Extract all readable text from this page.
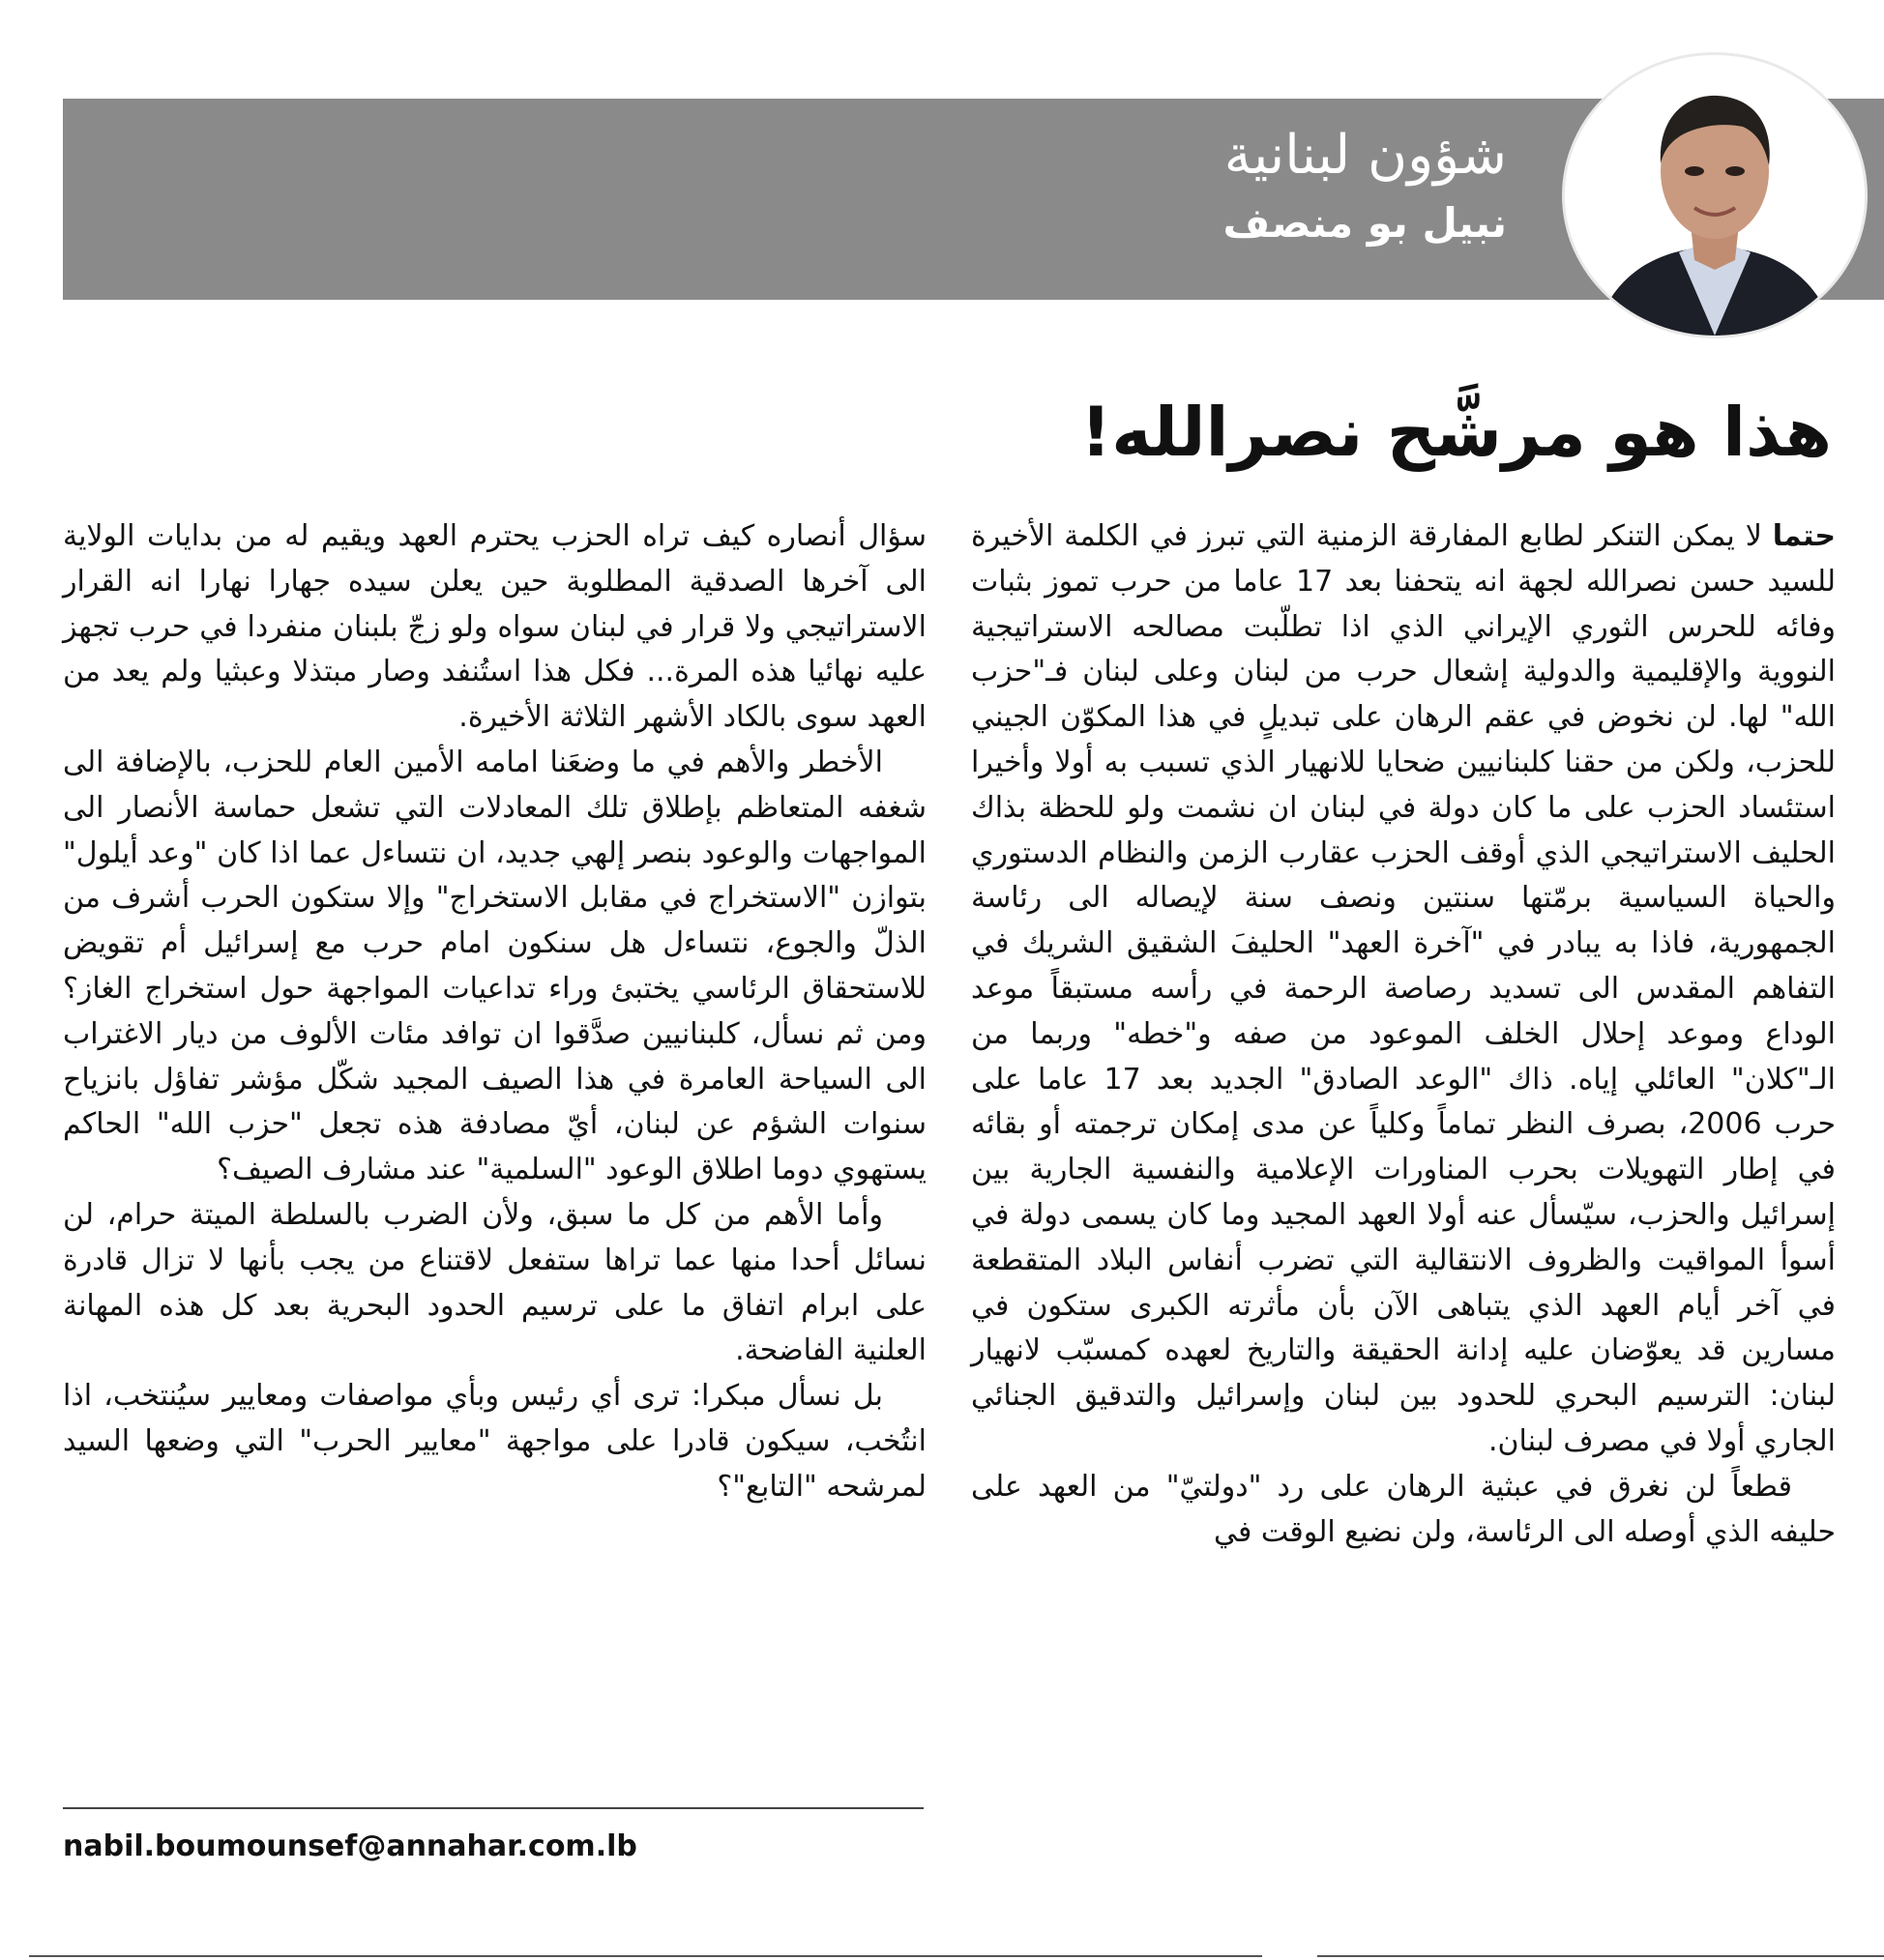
شؤون لبنانية
نبيل بو منصف
هذا هو مرشَّح نصرالله!

حتما لا يمكن التنكر لطابع المفارقة الزمنية التي تبرز في الكلمة الأخيرة للسيد حسن نصرالله لجهة انه يتحفنا بعد 17 عاما من حرب تموز بثبات وفائه للحرس الثوري الإيراني الذي اذا تطلّبت مصالحه الاستراتيجية النووية والإقليمية والدولية إشعال حرب من لبنان وعلى لبنان فـ"حزب الله" لها. لن نخوض في عقم الرهان على تبديلٍ في هذا المكوّن الجيني للحزب، ولكن من حقنا كلبنانيين ضحايا للانهيار الذي تسبب به أولا وأخيرا استئساد الحزب على ما كان دولة في لبنان ان نشمت ولو للحظة بذاك الحليف الاستراتيجي الذي أوقف الحزب عقارب الزمن والنظام الدستوري والحياة السياسية برمّتها سنتين ونصف سنة لإيصاله الى رئاسة الجمهورية، فاذا به يبادر في "آخرة العهد" الحليفَ الشقيق الشريك في التفاهم المقدس الى تسديد رصاصة الرحمة في رأسه مستبقاً موعد الوداع وموعد إحلال الخلف الموعود من صفه و"خطه" وربما من الـ"كلان" العائلي إياه. ذاك "الوعد الصادق" الجديد بعد 17 عاما على حرب 2006، بصرف النظر تماماً وكلياً عن مدى إمكان ترجمته أو بقائه في إطار التهويلات بحرب المناورات الإعلامية والنفسية الجارية بين إسرائيل والحزب، سيّسأل عنه أولا العهد المجيد وما كان يسمى دولة في أسوأ المواقيت والظروف الانتقالية التي تضرب أنفاس البلاد المتقطعة في آخر أيام العهد الذي يتباهى الآن بأن مأثرته الكبرى ستكون في مسارين قد يعوّضان عليه إدانة الحقيقة والتاريخ لعهده كمسبّب لانهيار لبنان: الترسيم البحري للحدود بين لبنان وإسرائيل والتدقيق الجنائي الجاري أولا في مصرف لبنان.

قطعاً لن نغرق في عبثية الرهان على رد "دولتيّ" من العهد على حليفه الذي أوصله الى الرئاسة، ولن نضيع الوقت في

سؤال أنصاره كيف تراه الحزب يحترم العهد ويقيم له من بدايات الولاية الى آخرها الصدقية المطلوبة حين يعلن سيده جهارا نهارا انه القرار الاستراتيجي ولا قرار في لبنان سواه ولو زجّ بلبنان منفردا في حرب تجهز عليه نهائيا هذه المرة... فكل هذا استُنفد وصار مبتذلا وعبثيا ولم يعد من العهد سوى بالكاد الأشهر الثلاثة الأخيرة.

الأخطر والأهم في ما وضعَنا امامه الأمين العام للحزب، بالإضافة الى شغفه المتعاظم بإطلاق تلك المعادلات التي تشعل حماسة الأنصار الى المواجهات والوعود بنصر إلهي جديد، ان نتساءل عما اذا كان "وعد أيلول" بتوازن "الاستخراج في مقابل الاستخراج" وإلا ستكون الحرب أشرف من الذلّ والجوع، نتساءل هل سنكون امام حرب مع إسرائيل أم تقويض للاستحقاق الرئاسي يختبئ وراء تداعيات المواجهة حول استخراج الغاز؟ ومن ثم نسأل، كلبنانيين صدَّقوا ان توافد مئات الألوف من ديار الاغتراب الى السياحة العامرة في هذا الصيف المجيد شكّل مؤشر تفاؤل بانزياح سنوات الشؤم عن لبنان، أيّ مصادفة هذه تجعل "حزب الله" الحاكم يستهوي دوما اطلاق الوعود "السلمية" عند مشارف الصيف؟

وأما الأهم من كل ما سبق، ولأن الضرب بالسلطة الميتة حرام، لن نسائل أحدا منها عما تراها ستفعل لاقتناع من يجب بأنها لا تزال قادرة على ابرام اتفاق ما على ترسيم الحدود البحرية بعد كل هذه المهانة العلنية الفاضحة.

بل نسأل مبكرا: ترى أي رئيس وبأي مواصفات ومعايير سيُنتخب، اذا انتُخب، سيكون قادرا على مواجهة "معايير الحرب" التي وضعها السيد لمرشحه "التابع"؟

nabil.boumounsef@annahar.com.lb
